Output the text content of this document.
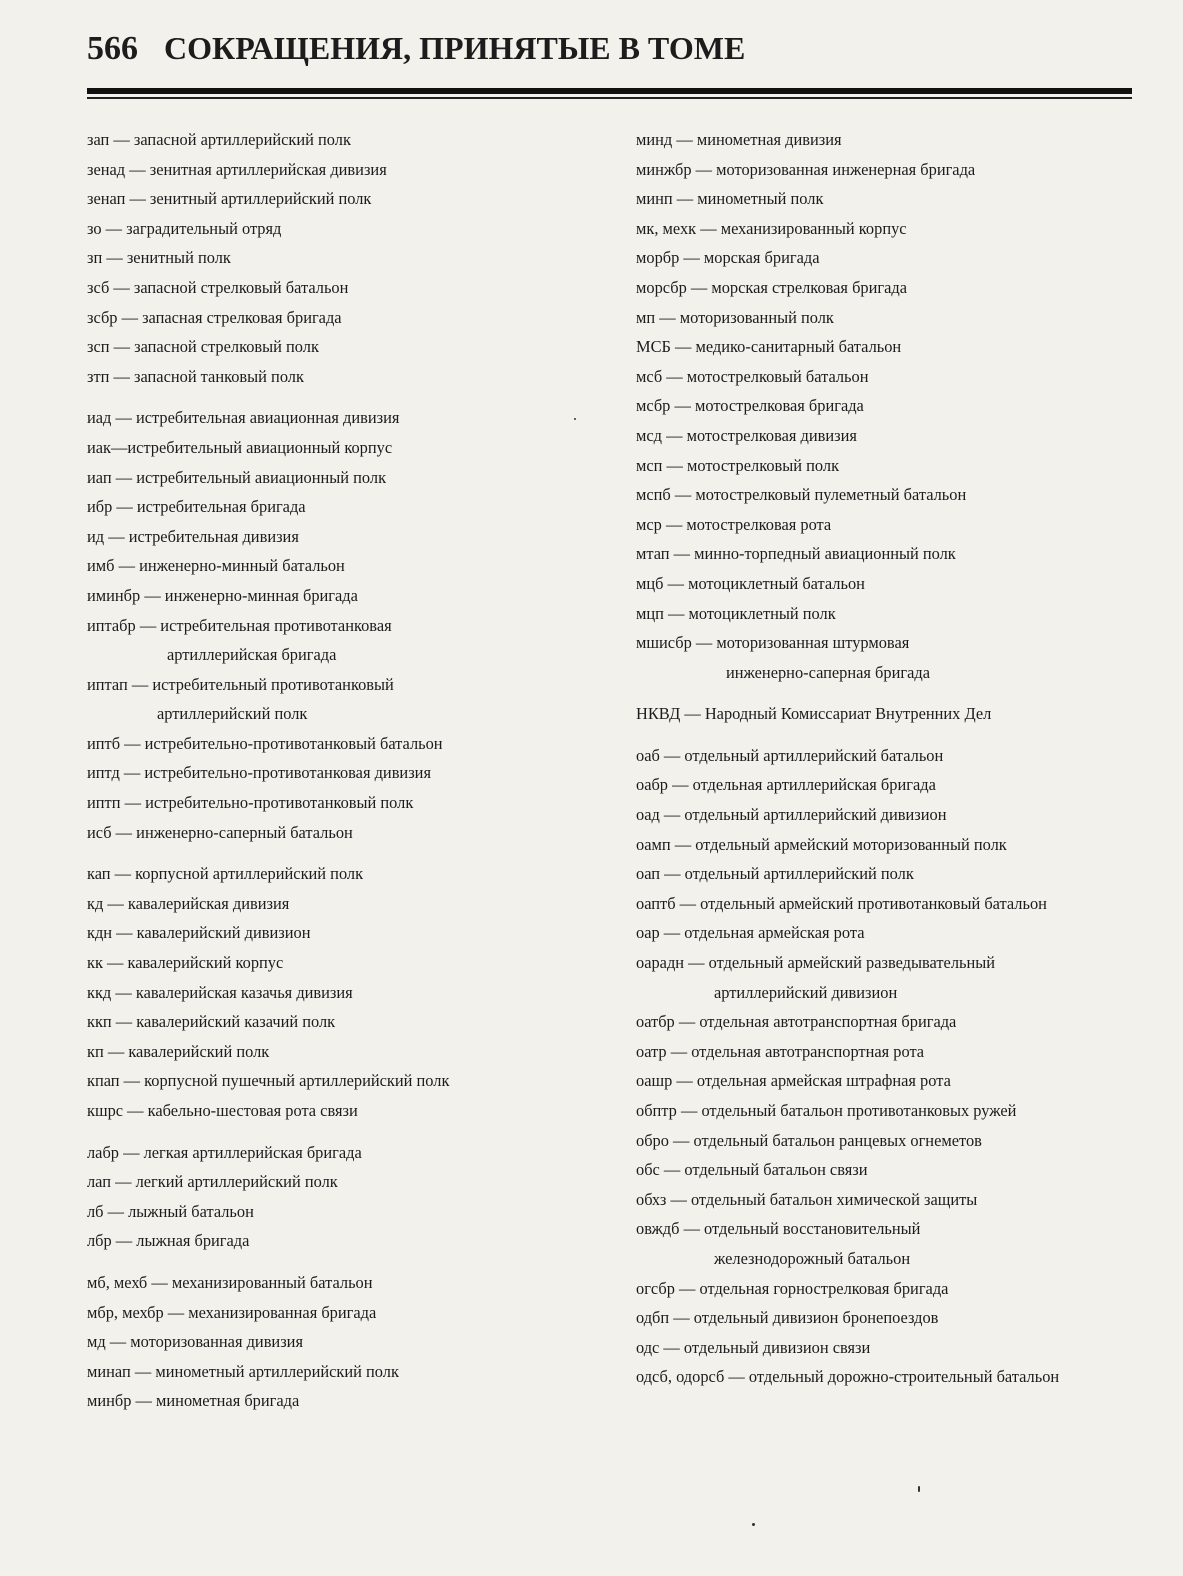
566 СОКРАЩЕНИЯ, ПРИНЯТЫЕ В ТОМЕ
зап — запасной артиллерийский полк
зенад — зенитная артиллерийская дивизия
зенап — зенитный артиллерийский полк
зо — заградительный отряд
зп — зенитный полк
зсб — запасной стрелковый батальон
зсбр — запасная стрелковая бригада
зсп — запасной стрелковый полк
зтп — запасной танковый полк
иад — истребительная авиационная дивизия
иак—истребительный авиационный корпус
иап — истребительный авиационный полк
ибр — истребительная бригада
ид — истребительная дивизия
имб — инженерно-минный батальон
иминбр — инженерно-минная бригада
иптабр — истребительная противотанковая
артиллерийская бригада
иптап — истребительный противотанковый
артиллерийский полк
иптб — истребительно-противотанковый батальон
иптд — истребительно-противотанковая дивизия
иптп — истребительно-противотанковый полк
исб — инженерно-саперный батальон
кап — корпусной артиллерийский полк
кд — кавалерийская дивизия
кдн — кавалерийский дивизион
кк — кавалерийский корпус
ккд — кавалерийская казачья дивизия
ккп — кавалерийский казачий полк
кп — кавалерийский полк
кпап — корпусной пушечный артиллерийский полк
кшрс — кабельно-шестовая рота связи
лабр — легкая артиллерийская бригада
лап — легкий артиллерийский полк
лб — лыжный батальон
лбр — лыжная бригада
мб, мехб — механизированный батальон
мбр, мехбр — механизированная бригада
мд — моторизованная дивизия
минап — минометный артиллерийский полк
минбр — минометная бригада
минд — минометная дивизия
минжбр — моторизованная инженерная бригада
минп — минометный полк
мк, мехк — механизированный корпус
морбр — морская бригада
морсбр — морская стрелковая бригада
мп — моторизованный полк
МСБ — медико-санитарный батальон
мсб — мотострелковый батальон
мсбр — мотострелковая бригада
мсд — мотострелковая дивизия
мсп — мотострелковый полк
мспб — мотострелковый пулеметный батальон
мср — мотострелковая рота
мтап — минно-торпедный авиационный полк
мцб — мотоциклетный батальон
мцп — мотоциклетный полк
мшисбр — моторизованная штурмовая
инженерно-саперная бригада
НКВД — Народный Комиссариат Внутренних Дел
оаб — отдельный артиллерийский батальон
оабр — отдельная артиллерийская бригада
оад — отдельный артиллерийский дивизион
оамп — отдельный армейский моторизованный полк
оап — отдельный артиллерийский полк
оаптб — отдельный армейский противотанковый батальон
оар — отдельная армейская рота
оарадн — отдельный армейский разведывательный
артиллерийский дивизион
оатбр — отдельная автотранспортная бригада
оатр — отдельная автотранспортная рота
оашр — отдельная армейская штрафная рота
обптр — отдельный батальон противотанковых ружей
обро — отдельный батальон ранцевых огнеметов
обс — отдельный батальон связи
обхз — отдельный батальон химической защиты
овждб — отдельный восстановительный
железнодорожный батальон
огсбр — отдельная горнострелковая бригада
одбп — отдельный дивизион бронепоездов
одс — отдельный дивизион связи
одсб, одорсб — отдельный дорожно-строительный батальон
